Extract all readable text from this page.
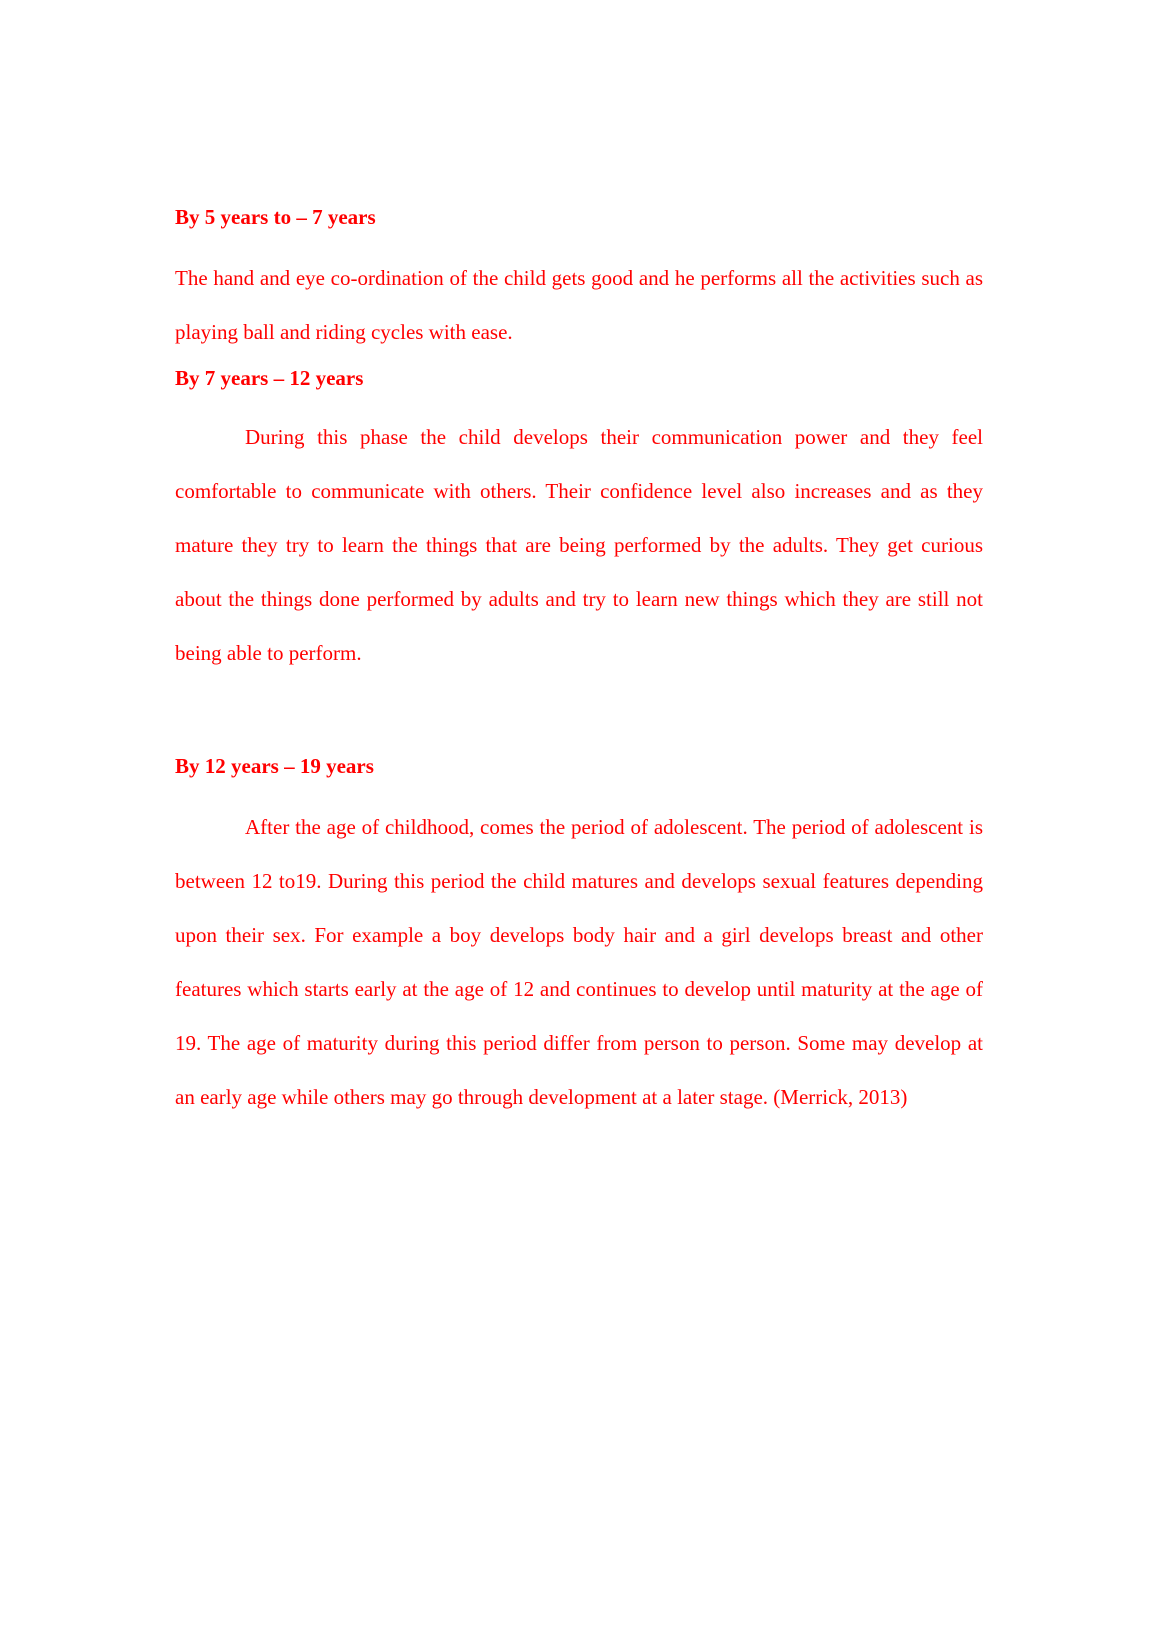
By 5 years to – 7 years

The hand and eye co-ordination of the child gets good and he performs all the activities such as playing ball and riding cycles with ease.

By 7 years – 12 years

During this phase the child develops their communication power and they feel comfortable to communicate with others. Their confidence level also increases and as they mature they try to learn the things that are being performed by the adults. They get curious about the things done performed by adults and try to learn new things which they are still not being able to perform.

By 12 years – 19 years

After the age of childhood, comes the period of adolescent. The period of adolescent is between 12 to19. During this period the child matures and develops sexual features depending upon their sex. For example a boy develops body hair and a girl develops breast and other features which starts early at the age of 12 and continues to develop until maturity at the age of 19. The age of maturity during this period differ from person to person. Some may develop at an early age while others may go through development at a later stage. (Merrick, 2013)
